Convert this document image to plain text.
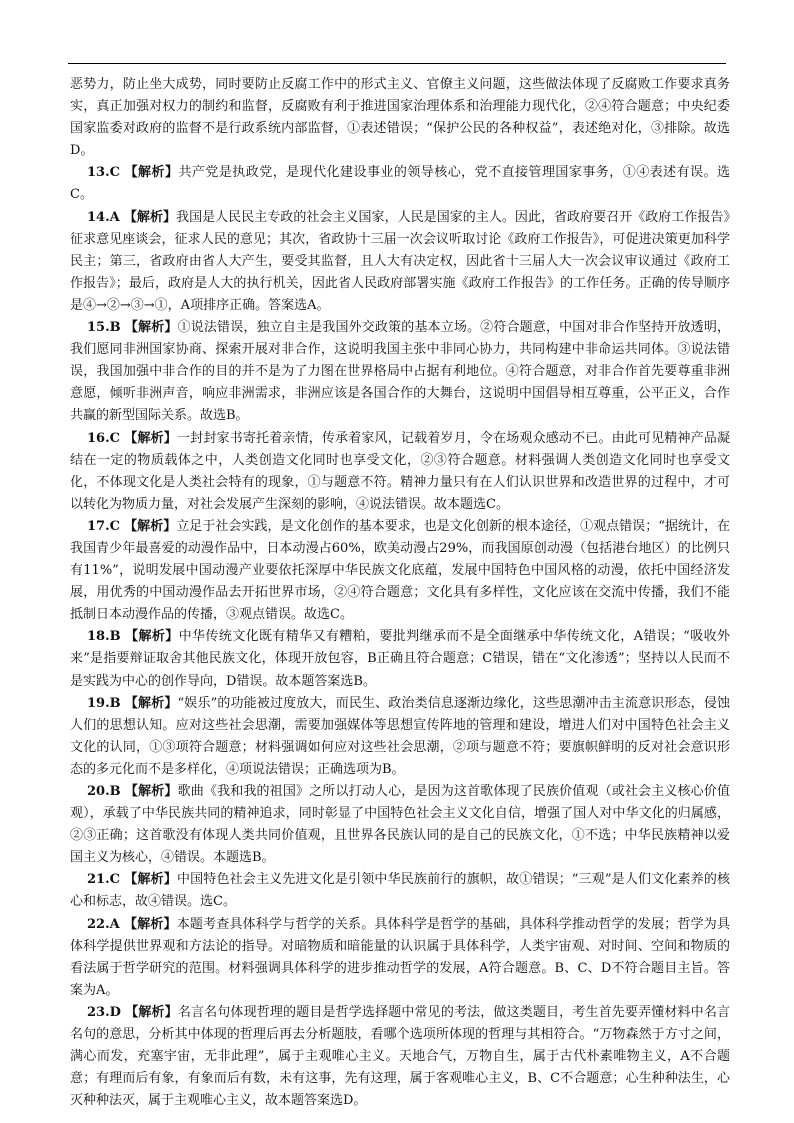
恶势力，防止坐大成势，同时要防止反腐工作中的形式主义、官僚主义问题，这些做法体现了反腐败工作要求真务实，真正加强对权力的制约和监督，反腐败有利于推进国家治理体系和治理能力现代化，②④符合题意；中央纪委国家监委对政府的监督不是行政系统内部监督，①表述错误；“保护公民的各种权益”，表述绝对化，③排除。故选D。

13.C 【解析】共产党是执政党，是现代化建设事业的领导核心，党不直接管理国家事务，①④表述有误。选C。

14.A 【解析】我国是人民民主专政的社会主义国家，人民是国家的主人。因此，省政府要召开《政府工作报告》征求意见座谈会，征求人民的意见；其次，省政协十三届一次会议听取讨论《政府工作报告》，可促进决策更加科学民主；第三，省政府由省人大产生，要受其监督，且人大有决定权，因此省十三届人大一次会议审议通过《政府工作报告》；最后，政府是人大的执行机关，因此省人民政府部署实施《政府工作报告》的工作任务。正确的传导顺序是④→②→③→①，A项排序正确。答案选A。

15.B 【解析】①说法错误，独立自主是我国外交政策的基本立场。②符合题意，中国对非合作坚持开放透明，我们愿同非洲国家协商、探索开展对非合作，这说明我国主张中非同心协力，共同构建中非命运共同体。③说法错误，我国加强中非合作的目的并不是为了力图在世界格局中占据有利地位。④符合题意，对非合作首先要尊重非洲意愿，倾听非洲声音，响应非洲需求，非洲应该是各国合作的大舞台，这说明中国倡导相互尊重，公平正义，合作共赢的新型国际关系。故选B。

16.C 【解析】一封封家书寄托着亲情，传承着家风，记载着岁月，令在场观众感动不已。由此可见精神产品凝结在一定的物质载体之中，人类创造文化同时也享受文化，②③符合题意。材料强调人类创造文化同时也享受文化，不体现文化是人类社会特有的现象，①与题意不符。精神力量只有在人们认识世界和改造世界的过程中，才可以转化为物质力量，对社会发展产生深刻的影响，④说法错误。故本题选C。

17.C 【解析】立足于社会实践，是文化创作的基本要求，也是文化创新的根本途径，①观点错误；“据统计，在我国青少年最喜爱的动漫作品中，日本动漫占60%，欧美动漫占29%，而我国原创动漫（包括港台地区）的比例只有11%”，说明发展中国动漫产业要依托深厚中华民族文化底蕴，发展中国特色中国风格的动漫，依托中国经济发展，用优秀的中国动漫作品去开拓世界市场，②④符合题意；文化具有多样性，文化应该在交流中传播，我们不能抵制日本动漫作品的传播，③观点错误。故选C。

18.B 【解析】中华传统文化既有精华又有糟粕，要批判继承而不是全面继承中华传统文化，A错误；“吸收外来”是指要辩证取舍其他民族文化，体现开放包容，B正确且符合题意；C错误，错在“文化渗透”；坚持以人民而不是实践为中心的创作导向，D错误。故本题答案选B。

19.B 【解析】“娱乐”的功能被过度放大，而民生、政治类信息逐渐边缘化，这些思潮冲击主流意识形态，侵蚀人们的思想认知。应对这些社会思潮，需要加强媒体等思想宣传阵地的管理和建设，增进人们对中国特色社会主义文化的认同，①③项符合题意；材料强调如何应对这些社会思潮，②项与题意不符；要旗帜鲜明的反对社会意识形态的多元化而不是多样化，④项说法错误；正确选项为B。

20.B 【解析】歌曲《我和我的祖国》之所以打动人心，是因为这首歌体现了民族价值观（或社会主义核心价值观），承载了中华民族共同的精神追求，同时彰显了中国特色社会主义文化自信，增强了国人对中华文化的归属感，②③正确；这首歌没有体现人类共同价值观，且世界各民族认同的是自己的民族文化，①不选；中华民族精神以爱国主义为核心，④错误。本题选B。

21.C 【解析】中国特色社会主义先进文化是引领中华民族前行的旗帜，故①错误；“三观”是人们文化素养的核心和标志，故④错误。选C。

22.A 【解析】本题考查具体科学与哲学的关系。具体科学是哲学的基础，具体科学推动哲学的发展；哲学为具体科学提供世界观和方法论的指导。对暗物质和暗能量的认识属于具体科学，人类宇宙观、对时间、空间和物质的看法属于哲学研究的范围。材料强调具体科学的进步推动哲学的发展，A符合题意。B、C、D不符合题目主旨。答案为A。

23.D 【解析】名言名句体现哲理的题目是哲学选择题中常见的考法，做这类题目，考生首先要弄懂材料中名言名句的意思，分析其中体现的哲理后再去分析题肢，看哪个选项所体现的哲理与其相符合。“万物森然于方寸之间，满心而发，充塞宇宙，无非此理”，属于主观唯心主义。天地合气，万物自生，属于古代朴素唯物主义，A不合题意；有理而后有象，有象而后有数，未有这事，先有这理，属于客观唯心主义，B、C不合题意；心生种种法生，心灭种种法灭，属于主观唯心主义，故本题答案选D。
